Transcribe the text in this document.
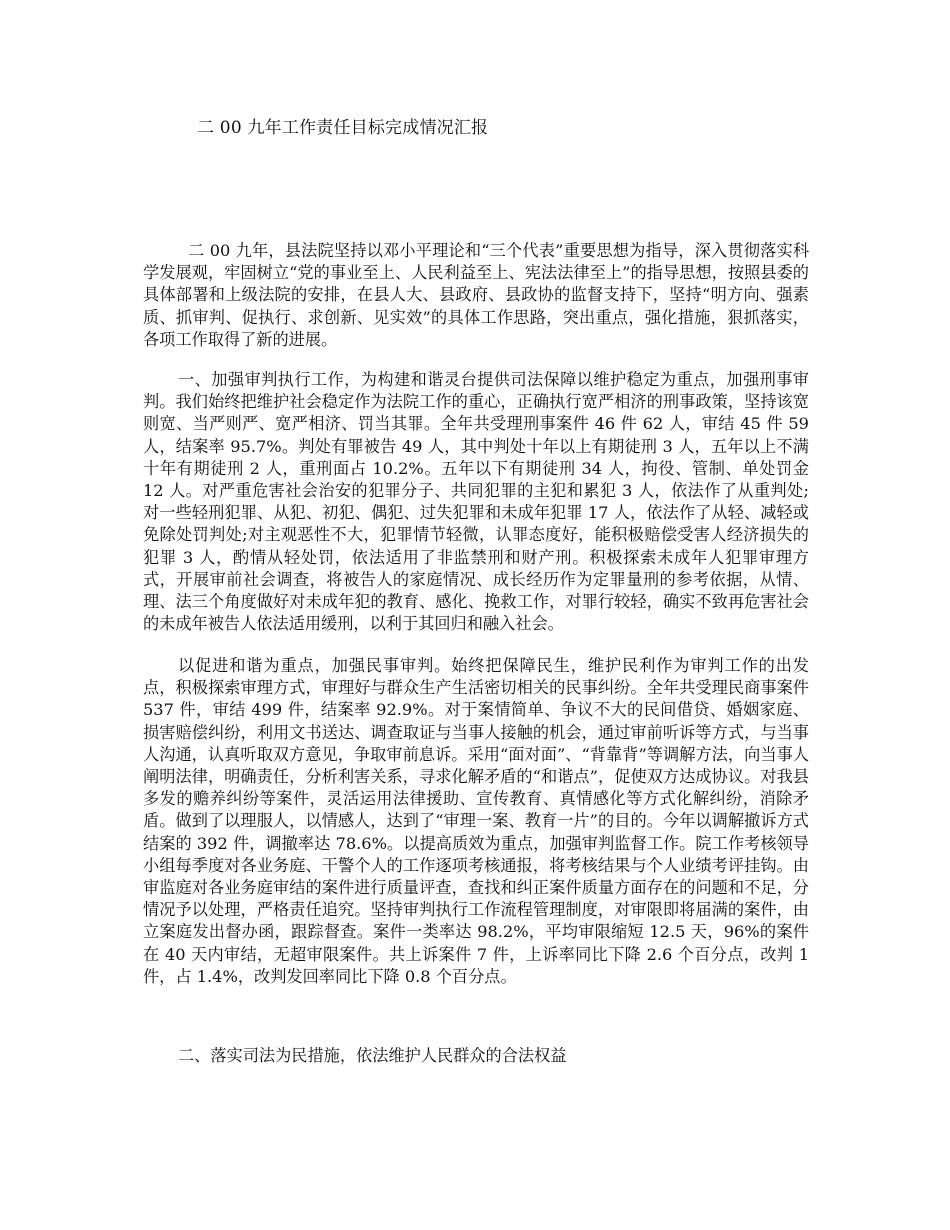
二 00 九年工作责任目标完成情况汇报

二 00 九年，县法院坚持以邓小平理论和“三个代表”重要思想为指导，深入贯彻落实科学发展观，牢固树立“党的事业至上、人民利益至上、宪法法律至上”的指导思想，按照县委的具体部署和上级法院的安排，在县人大、县政府、县政协的监督支持下，坚持“明方向、强素质、抓审判、促执行、求创新、见实效”的具体工作思路，突出重点，强化措施，狠抓落实，各项工作取得了新的进展。

一、加强审判执行工作，为构建和谐灵台提供司法保障以维护稳定为重点，加强刑事审判。我们始终把维护社会稳定作为法院工作的重心，正确执行宽严相济的刑事政策，坚持该宽则宽、当严则严、宽严相济、罚当其罪。全年共受理刑事案件 46 件 62 人，审结 45 件 59 人，结案率 95.7%。判处有罪被告 49 人，其中判处十年以上有期徒刑 3 人，五年以上不满十年有期徒刑 2 人，重刑面占 10.2%。五年以下有期徒刑 34 人，拘役、管制、单处罚金 12 人。对严重危害社会治安的犯罪分子、共同犯罪的主犯和累犯 3 人，依法作了从重判处;对一些轻刑犯罪、从犯、初犯、偶犯、过失犯罪和未成年犯罪 17 人，依法作了从轻、减轻或免除处罚判处;对主观恶性不大，犯罪情节轻微，认罪态度好，能积极赔偿受害人经济损失的犯罪 3 人，酌情从轻处罚，依法适用了非监禁刑和财产刑。积极探索未成年人犯罪审理方式，开展审前社会调查，将被告人的家庭情况、成长经历作为定罪量刑的参考依据，从情、理、法三个角度做好对未成年犯的教育、感化、挽救工作，对罪行较轻，确实不致再危害社会的未成年被告人依法适用缓刑，以利于其回归和融入社会。

以促进和谐为重点，加强民事审判。始终把保障民生，维护民利作为审判工作的出发点，积极探索审理方式，审理好与群众生产生活密切相关的民事纠纷。全年共受理民商事案件 537 件，审结 499 件，结案率 92.9%。对于案情简单、争议不大的民间借贷、婚姻家庭、损害赔偿纠纷，利用文书送达、调查取证与当事人接触的机会，通过审前听诉等方式，与当事人沟通，认真听取双方意见，争取审前息诉。采用“面对面”、“背靠背”等调解方法，向当事人阐明法律，明确责任，分析利害关系，寻求化解矛盾的“和谐点”，促使双方达成协议。对我县多发的赡养纠纷等案件，灵活运用法律援助、宣传教育、真情感化等方式化解纠纷，消除矛盾。做到了以理服人，以情感人，达到了“审理一案、教育一片”的目的。今年以调解撤诉方式结案的 392 件，调撤率达 78.6%。以提高质效为重点，加强审判监督工作。院工作考核领导小组每季度对各业务庭、干警个人的工作逐项考核通报，将考核结果与个人业绩考评挂钩。由审监庭对各业务庭审结的案件进行质量评查，查找和纠正案件质量方面存在的问题和不足，分情况予以处理，严格责任追究。坚持审判执行工作流程管理制度，对审限即将届满的案件，由立案庭发出督办函，跟踪督查。案件一类率达 98.2%，平均审限缩短 12.5 天，96%的案件在 40 天内审结，无超审限案件。共上诉案件 7 件，上诉率同比下降 2.6 个百分点，改判 1 件，占 1.4%，改判发回率同比下降 0.8 个百分点。

二、落实司法为民措施，依法维护人民群众的合法权益
